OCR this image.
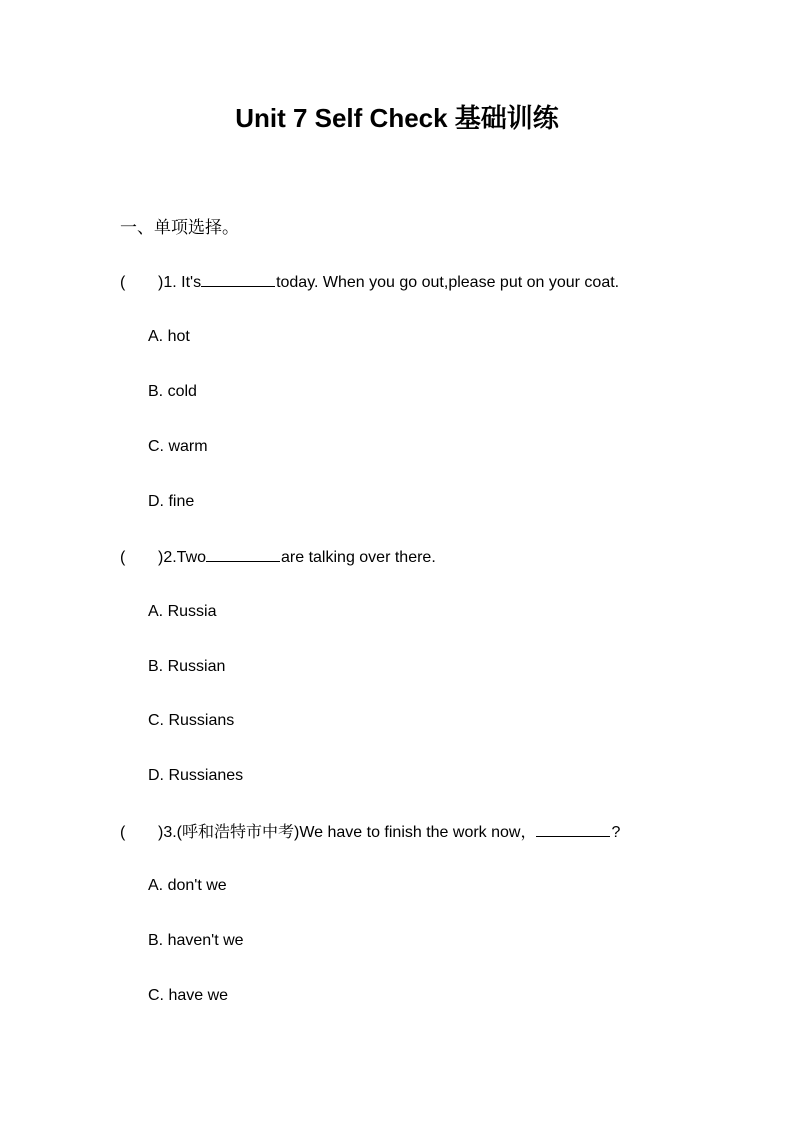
Unit 7 Self Check 基础训练
一、单项选择。
( )1. It's	today. When you go out,please put on your coat.
A. hot
B. cold
C. warm
D. fine
( )2.Two	are talking over there.
A. Russia
B. Russian
C. Russians
D. Russianes
( )3.(呼和浩特市中考)We have to finish the work now，	?
A. don't we
B. haven't we
C. have we
